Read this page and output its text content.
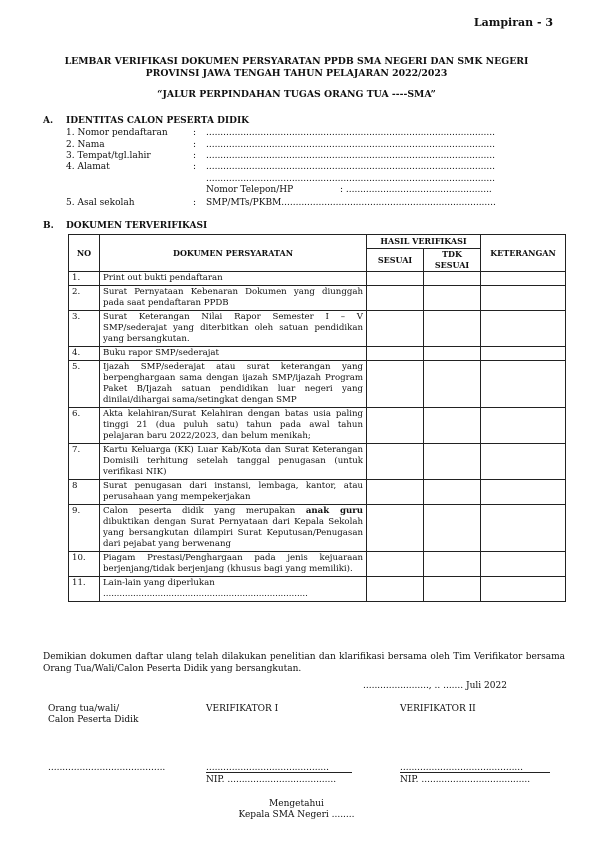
Lampiran - 3
LEMBAR VERIFIKASI DOKUMEN PERSYARATAN PPDB SMA NEGERI DAN SMK NEGERI
PROVINSI JAWA TENGAH TAHUN PELAJARAN 2022/2023
“JALUR PERPINDAHAN TUGAS ORANG TUA ----SMA”
A. IDENTITAS CALON PESERTA DIDIK
1. Nomor pendaftaran	: .....................................................................................................
2. Nama	: .....................................................................................................
3. Tempat/tgl.lahir	: .....................................................................................................
4. Alamat	: .....................................................................................................
.....................................................................................................
Nomor Telepon/HP	: ...................................................
5. Asal sekolah	: SMP/MTs/PKBM...........................................................................
B. DOKUMEN TERVERIFIKASI
NO	DOKUMEN PERSYARATAN	HASIL VERIFIKASI		KETERANGAN
		SESUAI	TDK SESUAI	
1.	Print out bukti pendaftaran			
2.	Surat Pernyataan Kebenaran Dokumen yang diunggah pada saat pendaftaran PPDB			
3.	Surat Keterangan Nilai Rapor Semester I – V SMP/sederajat yang diterbitkan oleh satuan pendidikan yang bersangkutan.			
4.	Buku rapor SMP/sederajat			
5.	Ijazah SMP/sederajat atau surat keterangan yang berpenghargaan sama dengan ijazah SMP/ijazah Program Paket B/Ijazah satuan pendidikan luar negeri yang dinilai/dihargai sama/setingkat dengan SMP			
6.	Akta kelahiran/Surat Kelahiran dengan batas usia paling tinggi 21 (dua puluh satu) tahun pada awal tahun pelajaran baru 2022/2023, dan belum menikah;			
7.	Kartu Keluarga (KK) Luar Kab/Kota dan Surat Keterangan Domisili terhitung setelah tanggal penugasan (untuk verifikasi NIK)			
8	Surat penugasan dari instansi, lembaga, kantor, atau perusahaan yang mempekerjakan			
9.	Calon peserta didik yang merupakan anak guru dibuktikan dengan Surat Pernyataan dari Kepala Sekolah yang bersangkutan dilampiri Surat Keputusan/Penugasan dari pejabat yang berwenang			
10.	Piagam Prestasi/Penghargaan pada jenis kejuaraan berjenjang/tidak berjenjang (khusus bagi yang memiliki).			
11.	Lain-lain yang diperlukan
...........................................................................			

Demikian dokumen daftar ulang telah dilakukan penelitian dan klarifikasi bersama oleh Tim Verifikator bersama Orang Tua/Wali/Calon Peserta Didik yang bersangkutan.
......................., .. ....... Juli 2022
Orang tua/wali/
Calon Peserta Didik
VERIFIKATOR I	VERIFIKATOR II
.........................................	...........................................	...........................................
NIP. ......................................	NIP. ......................................
Mengetahui
Kepala SMA Negeri ........
